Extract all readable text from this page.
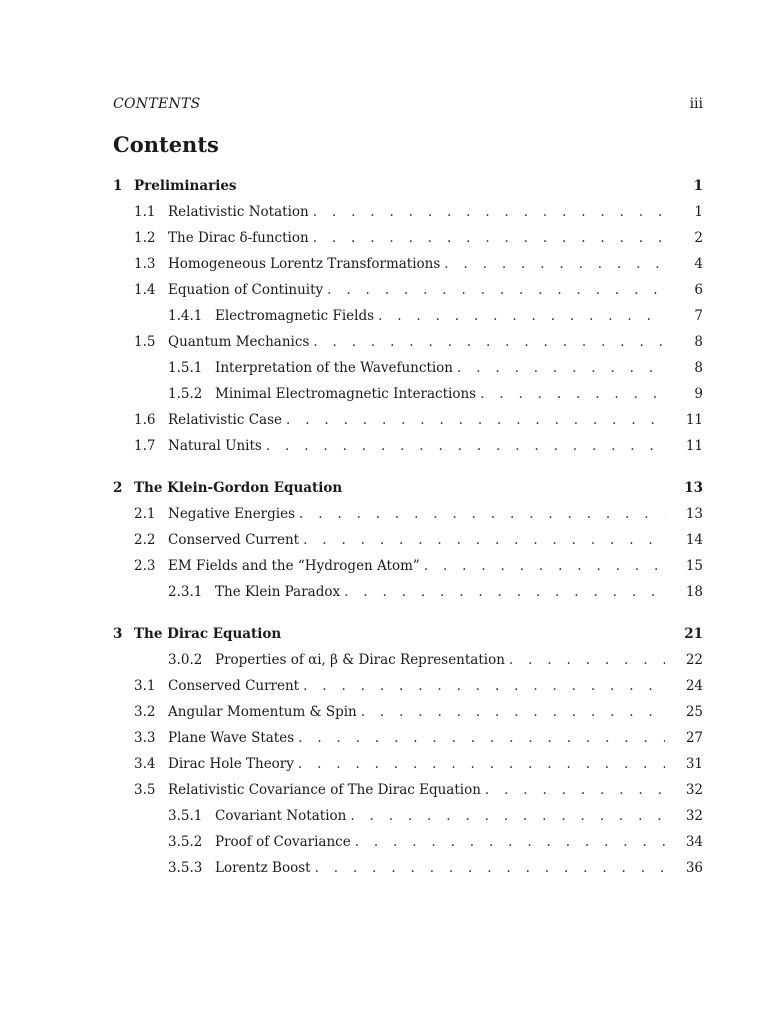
CONTENTS	iii
Contents
1 Preliminaries	1
1.1 Relativistic Notation . . .	1
1.2 The Dirac δ-function . . .	2
1.3 Homogeneous Lorentz Transformations . . .	4
1.4 Equation of Continuity . . .	6
1.4.1 Electromagnetic Fields . . .	7
1.5 Quantum Mechanics . . .	8
1.5.1 Interpretation of the Wavefunction . . .	8
1.5.2 Minimal Electromagnetic Interactions . . .	9
1.6 Relativistic Case . . .	11
1.7 Natural Units . . .	11
2 The Klein-Gordon Equation	13
2.1 Negative Energies . . .	13
2.2 Conserved Current . . .	14
2.3 EM Fields and the “Hydrogen Atom” . . .	15
2.3.1 The Klein Paradox . . .	18
3 The Dirac Equation	21
3.0.2 Properties of αi, β & Dirac Representation . . .	22
3.1 Conserved Current . . .	24
3.2 Angular Momentum & Spin . . .	25
3.3 Plane Wave States . . .	27
3.4 Dirac Hole Theory . . .	31
3.5 Relativistic Covariance of The Dirac Equation . . .	32
3.5.1 Covariant Notation . . .	32
3.5.2 Proof of Covariance . . .	34
3.5.3 Lorentz Boost . . .	36
